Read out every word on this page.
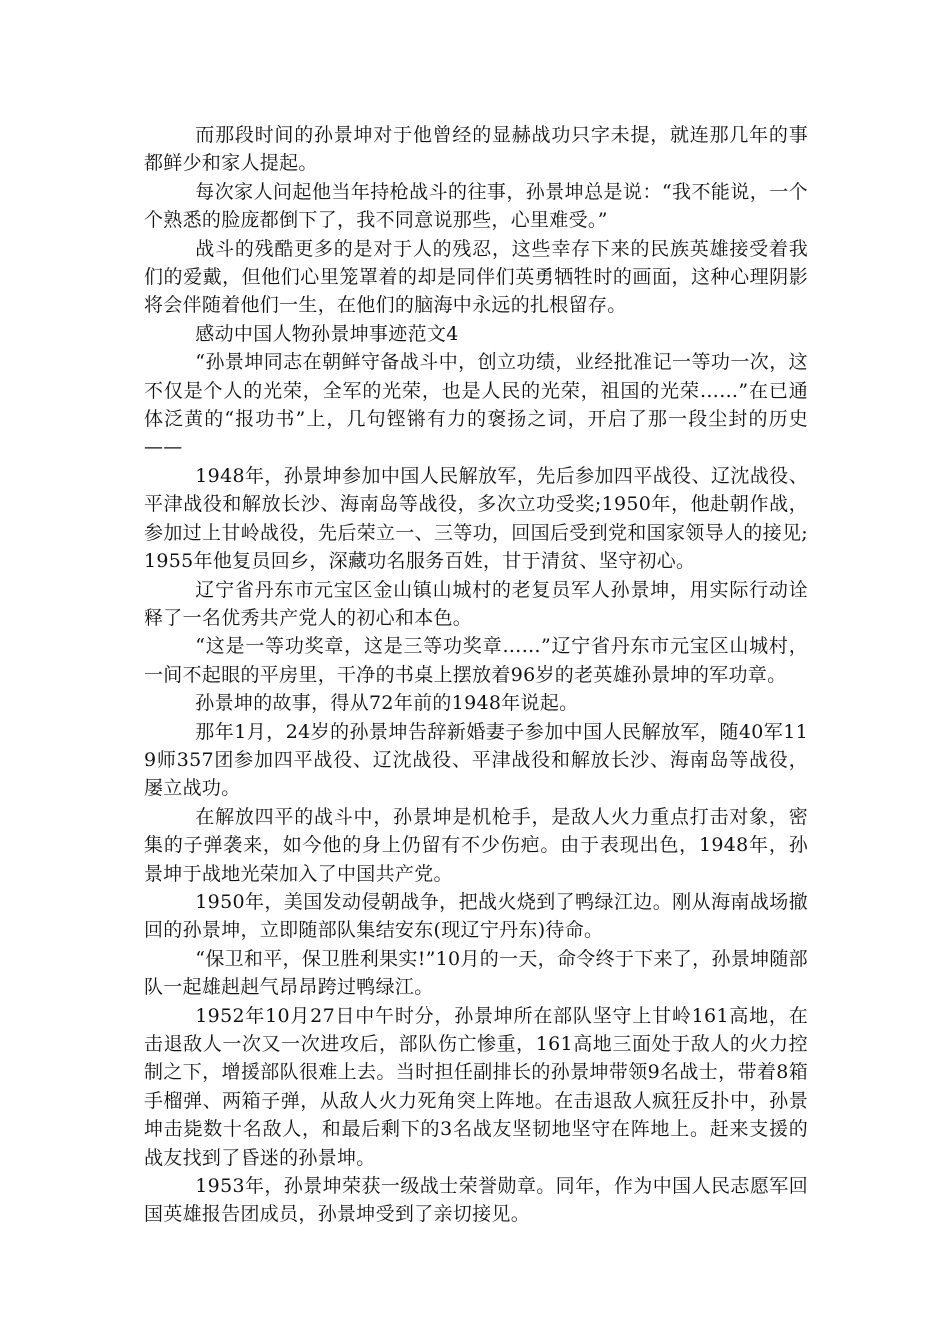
而那段时间的孙景坤对于他曾经的显赫战功只字未提，就连那几年的事都鲜少和家人提起。

每次家人问起他当年持枪战斗的往事，孙景坤总是说：“我不能说，一个个熟悉的脸庞都倒下了，我不同意说那些，心里难受。”

战斗的残酷更多的是对于人的残忍，这些幸存下来的民族英雄接受着我们的爱戴，但他们心里笼罩着的却是同伴们英勇牺牲时的画面，这种心理阴影将会伴随着他们一生，在他们的脑海中永远的扎根留存。

感动中国人物孙景坤事迹范文4

“孙景坤同志在朝鲜守备战斗中，创立功绩，业经批准记一等功一次，这不仅是个人的光荣，全军的光荣，也是人民的光荣，祖国的光荣……”在已通体泛黄的“报功书”上，几句铿锵有力的褒扬之词，开启了那一段尘封的历史——

1948年，孙景坤参加中国人民解放军，先后参加四平战役、辽沈战役、平津战役和解放长沙、海南岛等战役，多次立功受奖;1950年，他赴朝作战，参加过上甘岭战役，先后荣立一、三等功，回国后受到党和国家领导人的接见;1955年他复员回乡，深藏功名服务百姓，甘于清贫、坚守初心。

辽宁省丹东市元宝区金山镇山城村的老复员军人孙景坤，用实际行动诠释了一名优秀共产党人的初心和本色。

“这是一等功奖章，这是三等功奖章……”辽宁省丹东市元宝区山城村，一间不起眼的平房里，干净的书桌上摆放着96岁的老英雄孙景坤的军功章。

孙景坤的故事，得从72年前的1948年说起。

那年1月，24岁的孙景坤告辞新婚妻子参加中国人民解放军，随40军119师357团参加四平战役、辽沈战役、平津战役和解放长沙、海南岛等战役，屡立战功。

在解放四平的战斗中，孙景坤是机枪手，是敌人火力重点打击对象，密集的子弹袭来，如今他的身上仍留有不少伤疤。由于表现出色，1948年，孙景坤于战地光荣加入了中国共产党。

1950年，美国发动侵朝战争，把战火烧到了鸭绿江边。刚从海南战场撤回的孙景坤，立即随部队集结安东(现辽宁丹东)待命。

“保卫和平，保卫胜利果实!”10月的一天，命令终于下来了，孙景坤随部队一起雄赳赳气昂昂跨过鸭绿江。

1952年10月27日中午时分，孙景坤所在部队坚守上甘岭161高地，在击退敌人一次又一次进攻后，部队伤亡惨重，161高地三面处于敌人的火力控制之下，增援部队很难上去。当时担任副排长的孙景坤带领9名战士，带着8箱手榴弹、两箱子弹，从敌人火力死角突上阵地。在击退敌人疯狂反扑中，孙景坤击毙数十名敌人，和最后剩下的3名战友坚韧地坚守在阵地上。赶来支援的战友找到了昏迷的孙景坤。

1953年，孙景坤荣获一级战士荣誉勋章。同年，作为中国人民志愿军回国英雄报告团成员，孙景坤受到了亲切接见。
